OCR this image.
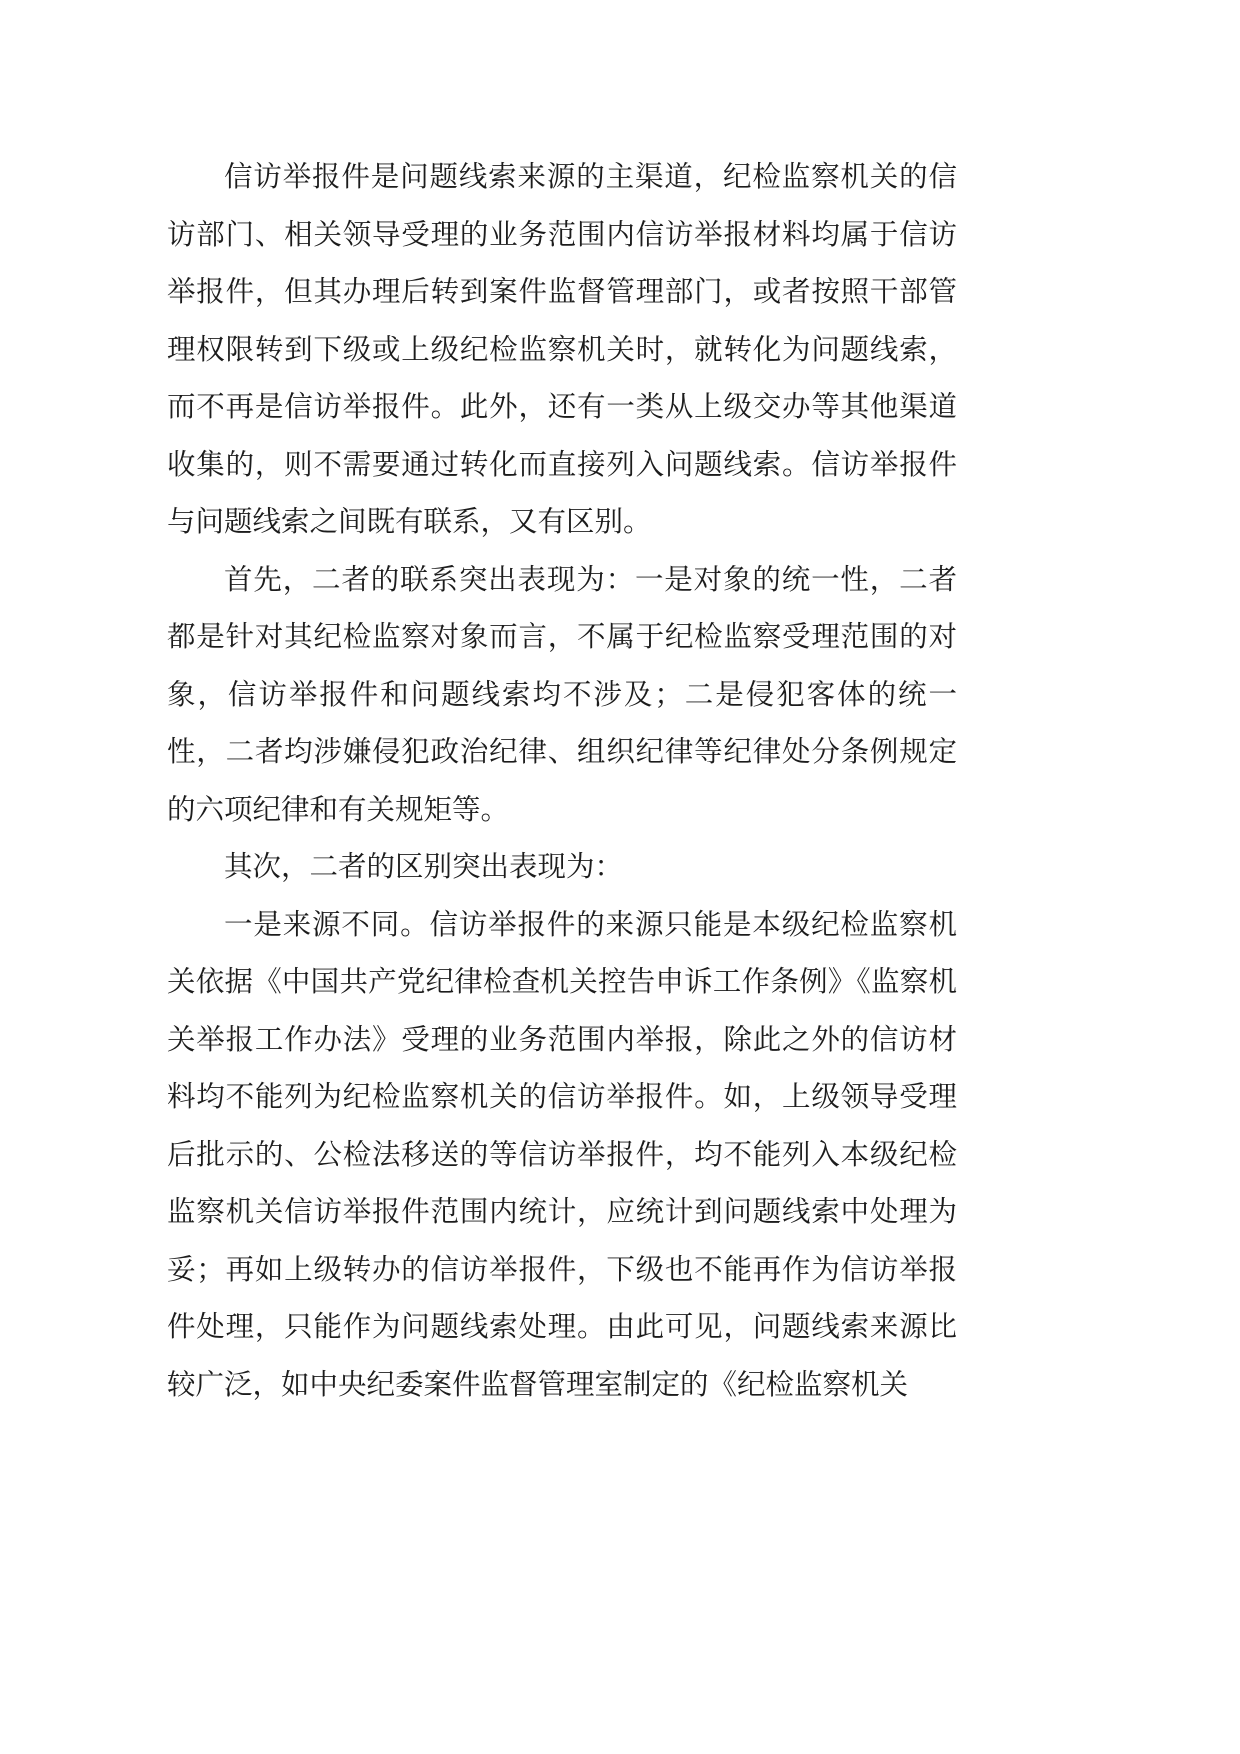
信访举报件是问题线索来源的主渠道，纪检监察机关的信访部门、相关领导受理的业务范围内信访举报材料均属于信访举报件，但其办理后转到案件监督管理部门，或者按照干部管理权限转到下级或上级纪检监察机关时，就转化为问题线索，而不再是信访举报件。此外，还有一类从上级交办等其他渠道收集的，则不需要通过转化而直接列入问题线索。信访举报件与问题线索之间既有联系，又有区别。

首先，二者的联系突出表现为：一是对象的统一性，二者都是针对其纪检监察对象而言，不属于纪检监察受理范围的对象，信访举报件和问题线索均不涉及；二是侵犯客体的统一性，二者均涉嫌侵犯政治纪律、组织纪律等纪律处分条例规定的六项纪律和有关规矩等。

其次，二者的区别突出表现为：

一是来源不同。信访举报件的来源只能是本级纪检监察机关依据《中国共产党纪律检查机关控告申诉工作条例》《监察机关举报工作办法》受理的业务范围内举报，除此之外的信访材料均不能列为纪检监察机关的信访举报件。如，上级领导受理后批示的、公检法移送的等信访举报件，均不能列入本级纪检监察机关信访举报件范围内统计，应统计到问题线索中处理为妥；再如上级转办的信访举报件，下级也不能再作为信访举报件处理，只能作为问题线索处理。由此可见，问题线索来源比较广泛，如中央纪委案件监督管理室制定的《纪检监察机关
